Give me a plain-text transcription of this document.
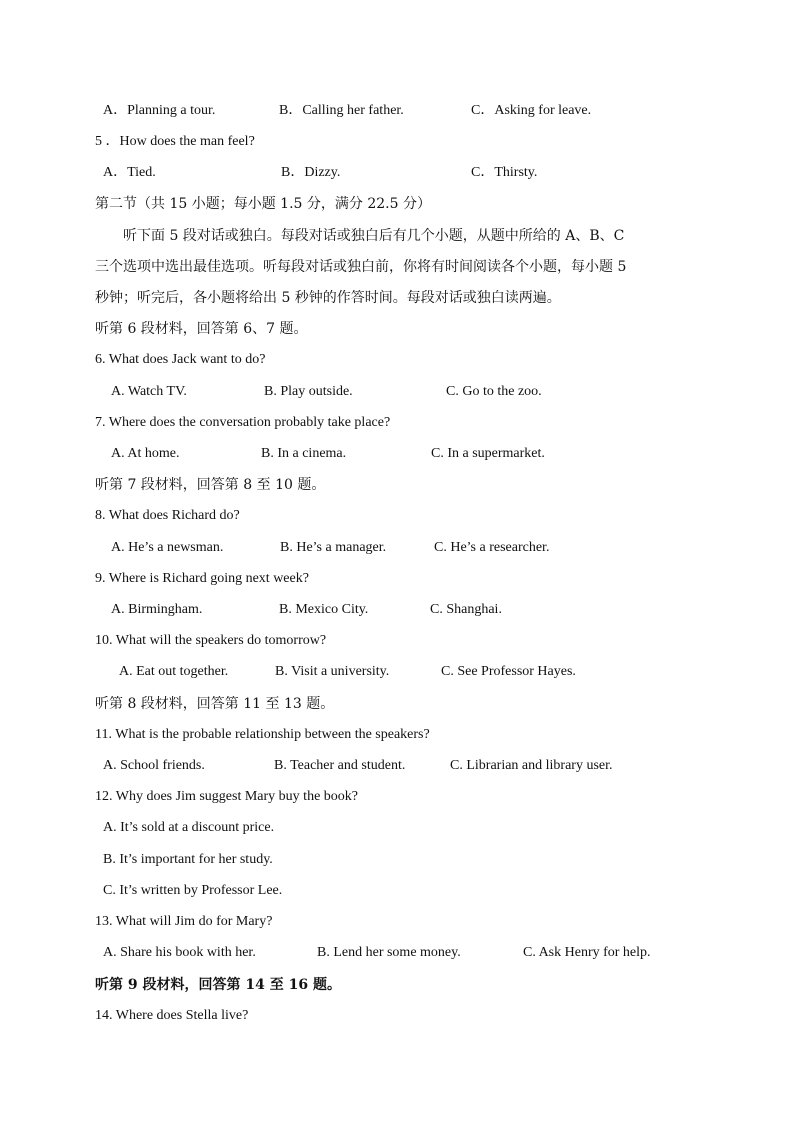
A．Planning a tour.	B．Calling her father.	C．Asking for leave.
5 ．How does the man feel?
A．Tied.	B．Dizzy.	C．Thirsty.
第二节（共 15 小题；每小题 1.5 分，满分 22.5 分）
听下面 5 段对话或独白。每段对话或独白后有几个小题，从题中所给的 A、B、C
三个选项中选出最佳选项。听每段对话或独白前，你将有时间阅读各个小题，每小题 5
秒钟；听完后，各小题将给出 5 秒钟的作答时间。每段对话或独白读两遍。
听第 6 段材料，回答第 6、7 题。
6. What does Jack want to do?
A. Watch TV.	B. Play outside.	C. Go to the zoo.
7. Where does the conversation probably take place?
A. At home.	B. In a cinema.	C. In a supermarket.
听第 7 段材料，回答第 8 至 10 题。
8. What does Richard do?
A. He’s a newsman.	B. He’s a manager.	C. He’s a researcher.
9. Where is Richard going next week?
A. Birmingham.	B. Mexico City.	C. Shanghai.
10. What will the speakers do tomorrow?
A. Eat out together.	B. Visit a university.	C. See Professor Hayes.
听第 8 段材料，回答第 11 至 13 题。
11. What is the probable relationship between the speakers?
A. School friends.	B. Teacher and student.	C. Librarian and library user.
12. Why does Jim suggest Mary buy the book?
A. It’s sold at a discount price.
B. It’s important for her study.
C. It’s written by Professor Lee.
13. What will Jim do for Mary?
A. Share his book with her.	B. Lend her some money.	C. Ask Henry for help.
听第 9 段材料，回答第 14 至 16 题。
14. Where does Stella live?
